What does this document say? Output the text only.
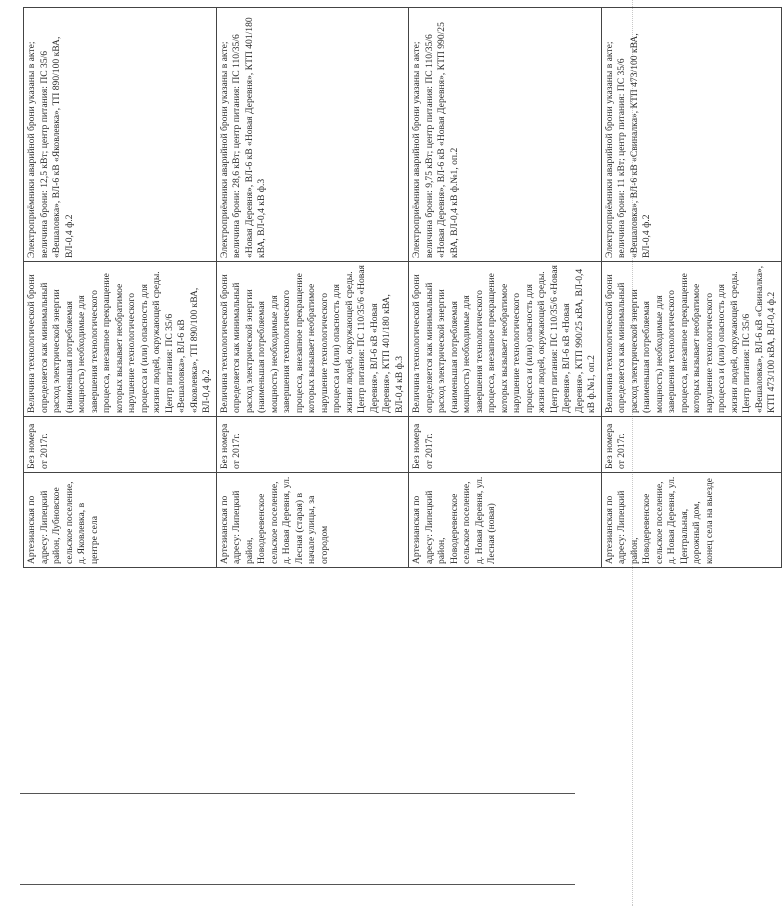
Артезианская по адресу: Липецкий район, Лубновское сельское поселение, д. Яковлевка, в центре села	Без номера от 2017г.	Величина технологической брони определяется как минимальный расход электрической энергии (наименьшая потребляемая мощность) необходимые для завершения технологического процесса, внезапное прекращение которых вызывает необратимое нарушение технологического процесса и (или) опасность для жизни людей, окружающей среды. Центр питания: ПС 35/6 «Вешаловка», ВЛ-6 кВ «Яковлевка», ТП 890/100 кВА, ВЛ-0,4 ф.2	Электроприёмники аварийной брони указаны в акте; величина брони: 12,5 кВт; центр питания: ПС 35/6 «Вешаловка», ВЛ-6 кВ «Яковлевка», ТП 890/100 кВА, ВЛ-0,4 ф.2
Артезианская по адресу: Липецкий район, Новодеревенское сельское поселение, д. Новая Деревня, ул. Лесная (старая) в начале улицы, за огородом	Без номера от 2017г.	Величина технологической брони определяется как минимальный расход электрической энергии (наименьшая потребляемая мощность) необходимые для завершения технологического процесса, внезапное прекращение которых вызывает необратимое нарушение технологического процесса и (или) опасность для жизни людей, окружающей среды. Центр питания: ПС 110/35/6 «Новая Деревня», ВЛ-6 кВ «Новая Деревня», КТП 401/180 кВА, ВЛ-0,4 кВ ф.3	Электроприёмники аварийной брони указаны в акте; величина брони: 28,6 кВт; центр питания: ПС 110/35/6 «Новая Деревня», ВЛ-6 кВ «Новая Деревня», КТП 401/180 кВА, ВЛ-0,4 кВ ф.3
Артезианская по адресу: Липецкий район, Новодеревенское сельское поселение, д. Новая Деревня, ул. Лесная (новая)	Без номера от 2017г.	Величина технологической брони определяется как минимальный расход электрической энергии (наименьшая потребляемая мощность) необходимые для завершения технологического процесса, внезапное прекращение которых вызывает необратимое нарушение технологического процесса и (или) опасность для жизни людей, окружающей среды. Центр питания: ПС 110/35/6 «Новая Деревня», ВЛ-6 кВ «Новая Деревня», КТП 990/25 кВА, ВЛ-0,4 кВ ф.№1, оп.2	Электроприёмники аварийной брони указаны в акте; величина брони: 9,75 кВт; центр питания: ПС 110/35/6 «Новая Деревня», ВЛ-6 кВ «Новая Деревня», КТП 990/25 кВА, ВЛ-0,4 кВ ф.№1, оп.2
Артезианская по адресу: Липецкий район, Новодеревенское сельское поселение, д. Новая Деревня, ул. Центральная, дорожный дом, конец села на выезде	Без номера от 2017г.	Величина технологической брони определяется как минимальный расход электрической энергии (наименьшая потребляемая мощность) необходимые для завершения технологического процесса, внезапное прекращение которых вызывает необратимое нарушение технологического процесса и (или) опасность для жизни людей, окружающей среды. Центр питания: ПС 35/6 «Вешаловка», ВЛ-6 кВ «Свиналка», КТП 473/100 кВА, ВЛ-0,4 ф.2	Электроприёмники аварийной брони указаны в акте; величина брони: 11 кВт; центр питания: ПС 35/6 «Вешаловка», ВЛ-6 кВ «Свиналка», КТП 473/100 кВА, ВЛ-0,4 ф.2
